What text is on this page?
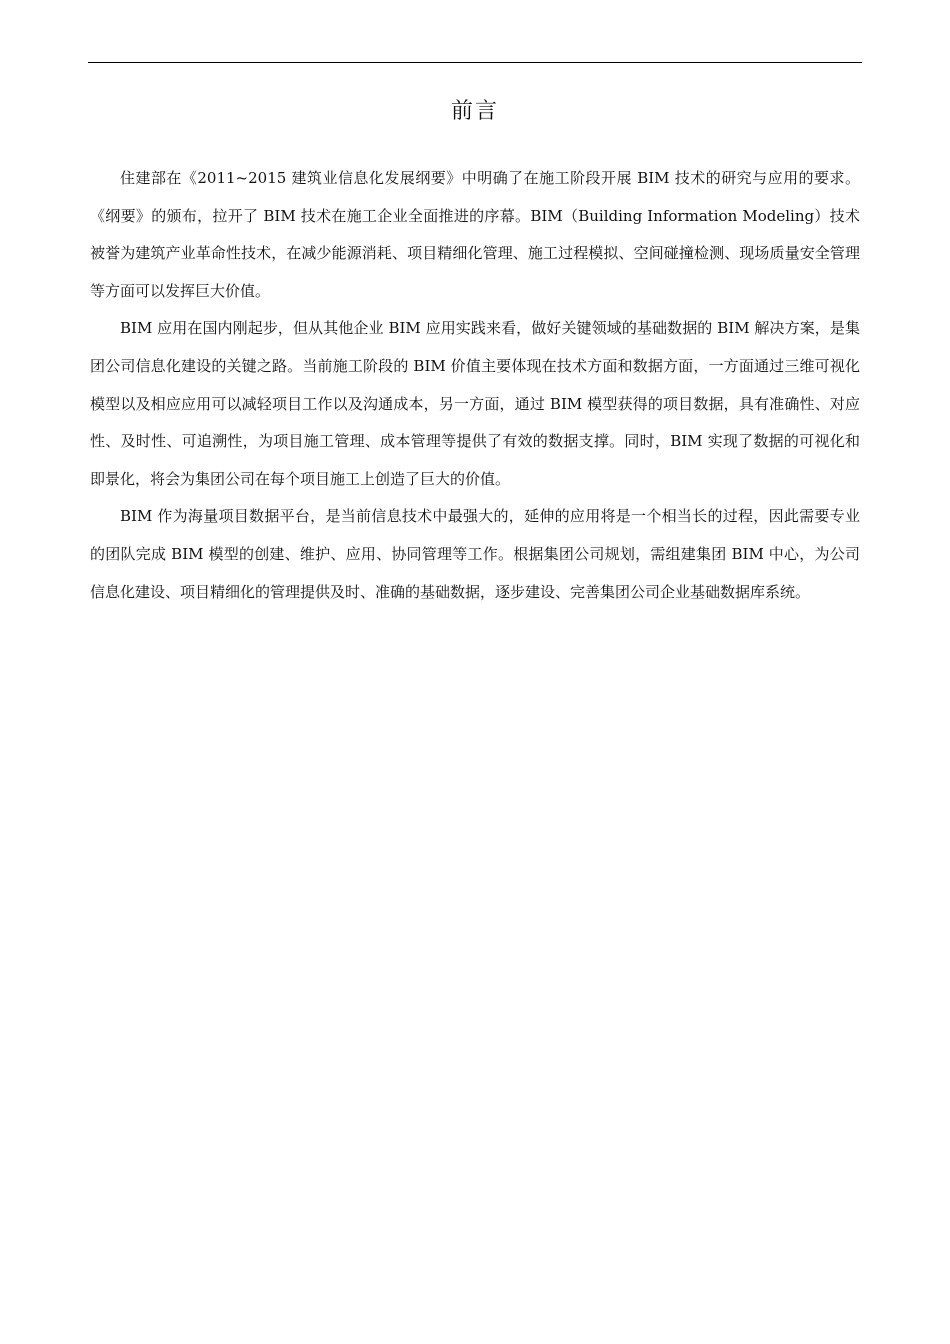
前言

住建部在《2011~2015 建筑业信息化发展纲要》中明确了在施工阶段开展 BIM 技术的研究与应用的要求。《纲要》的颁布，拉开了 BIM 技术在施工企业全面推进的序幕。BIM（Building Information Modeling）技术被誉为建筑产业革命性技术，在减少能源消耗、项目精细化管理、施工过程模拟、空间碰撞检测、现场质量安全管理等方面可以发挥巨大价值。

BIM 应用在国内刚起步，但从其他企业 BIM 应用实践来看，做好关键领域的基础数据的 BIM 解决方案，是集团公司信息化建设的关键之路。当前施工阶段的 BIM 价值主要体现在技术方面和数据方面，一方面通过三维可视化模型以及相应应用可以减轻项目工作以及沟通成本，另一方面，通过 BIM 模型获得的项目数据，具有准确性、对应性、及时性、可追溯性，为项目施工管理、成本管理等提供了有效的数据支撑。同时，BIM 实现了数据的可视化和即景化，将会为集团公司在每个项目施工上创造了巨大的价值。

BIM 作为海量项目数据平台，是当前信息技术中最强大的，延伸的应用将是一个相当长的过程，因此需要专业的团队完成 BIM 模型的创建、维护、应用、协同管理等工作。根据集团公司规划，需组建集团 BIM 中心，为公司信息化建设、项目精细化的管理提供及时、准确的基础数据，逐步建设、完善集团公司企业基础数据库系统。
